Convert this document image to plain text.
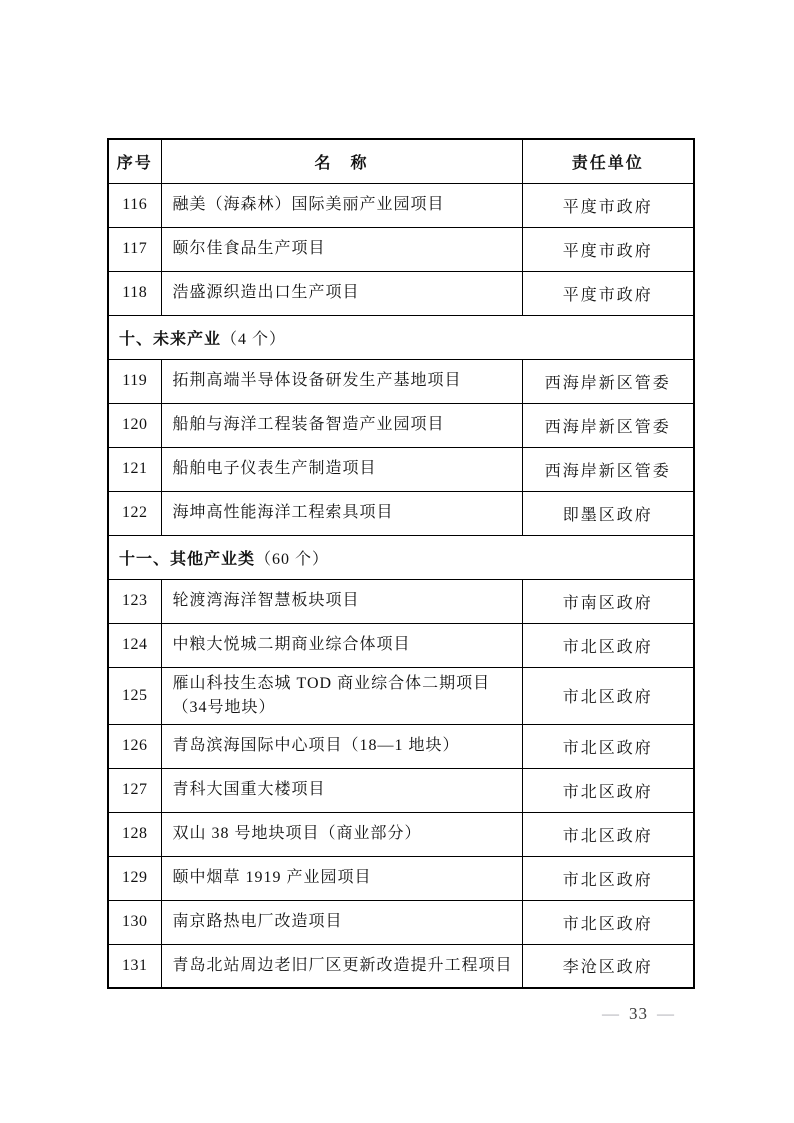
序号	名　称	责任单位
116	融美（海森林）国际美丽产业园项目	平度市政府
117	颐尔佳食品生产项目	平度市政府
118	浩盛源织造出口生产项目	平度市政府
十、未来产业（4 个）		
119	拓荆高端半导体设备研发生产基地项目	西海岸新区管委
120	船舶与海洋工程装备智造产业园项目	西海岸新区管委
121	船舶电子仪表生产制造项目	西海岸新区管委
122	海坤高性能海洋工程索具项目	即墨区政府
十一、其他产业类（60 个）		
123	轮渡湾海洋智慧板块项目	市南区政府
124	中粮大悦城二期商业综合体项目	市北区政府
125	雁山科技生态城 TOD 商业综合体二期项目（34号地块）	市北区政府
126	青岛滨海国际中心项目（18—1 地块）	市北区政府
127	青科大国重大楼项目	市北区政府
128	双山 38 号地块项目（商业部分）	市北区政府
129	颐中烟草 1919 产业园项目	市北区政府
130	南京路热电厂改造项目	市北区政府
131	青岛北站周边老旧厂区更新改造提升工程项目	李沧区政府
— 33 —
